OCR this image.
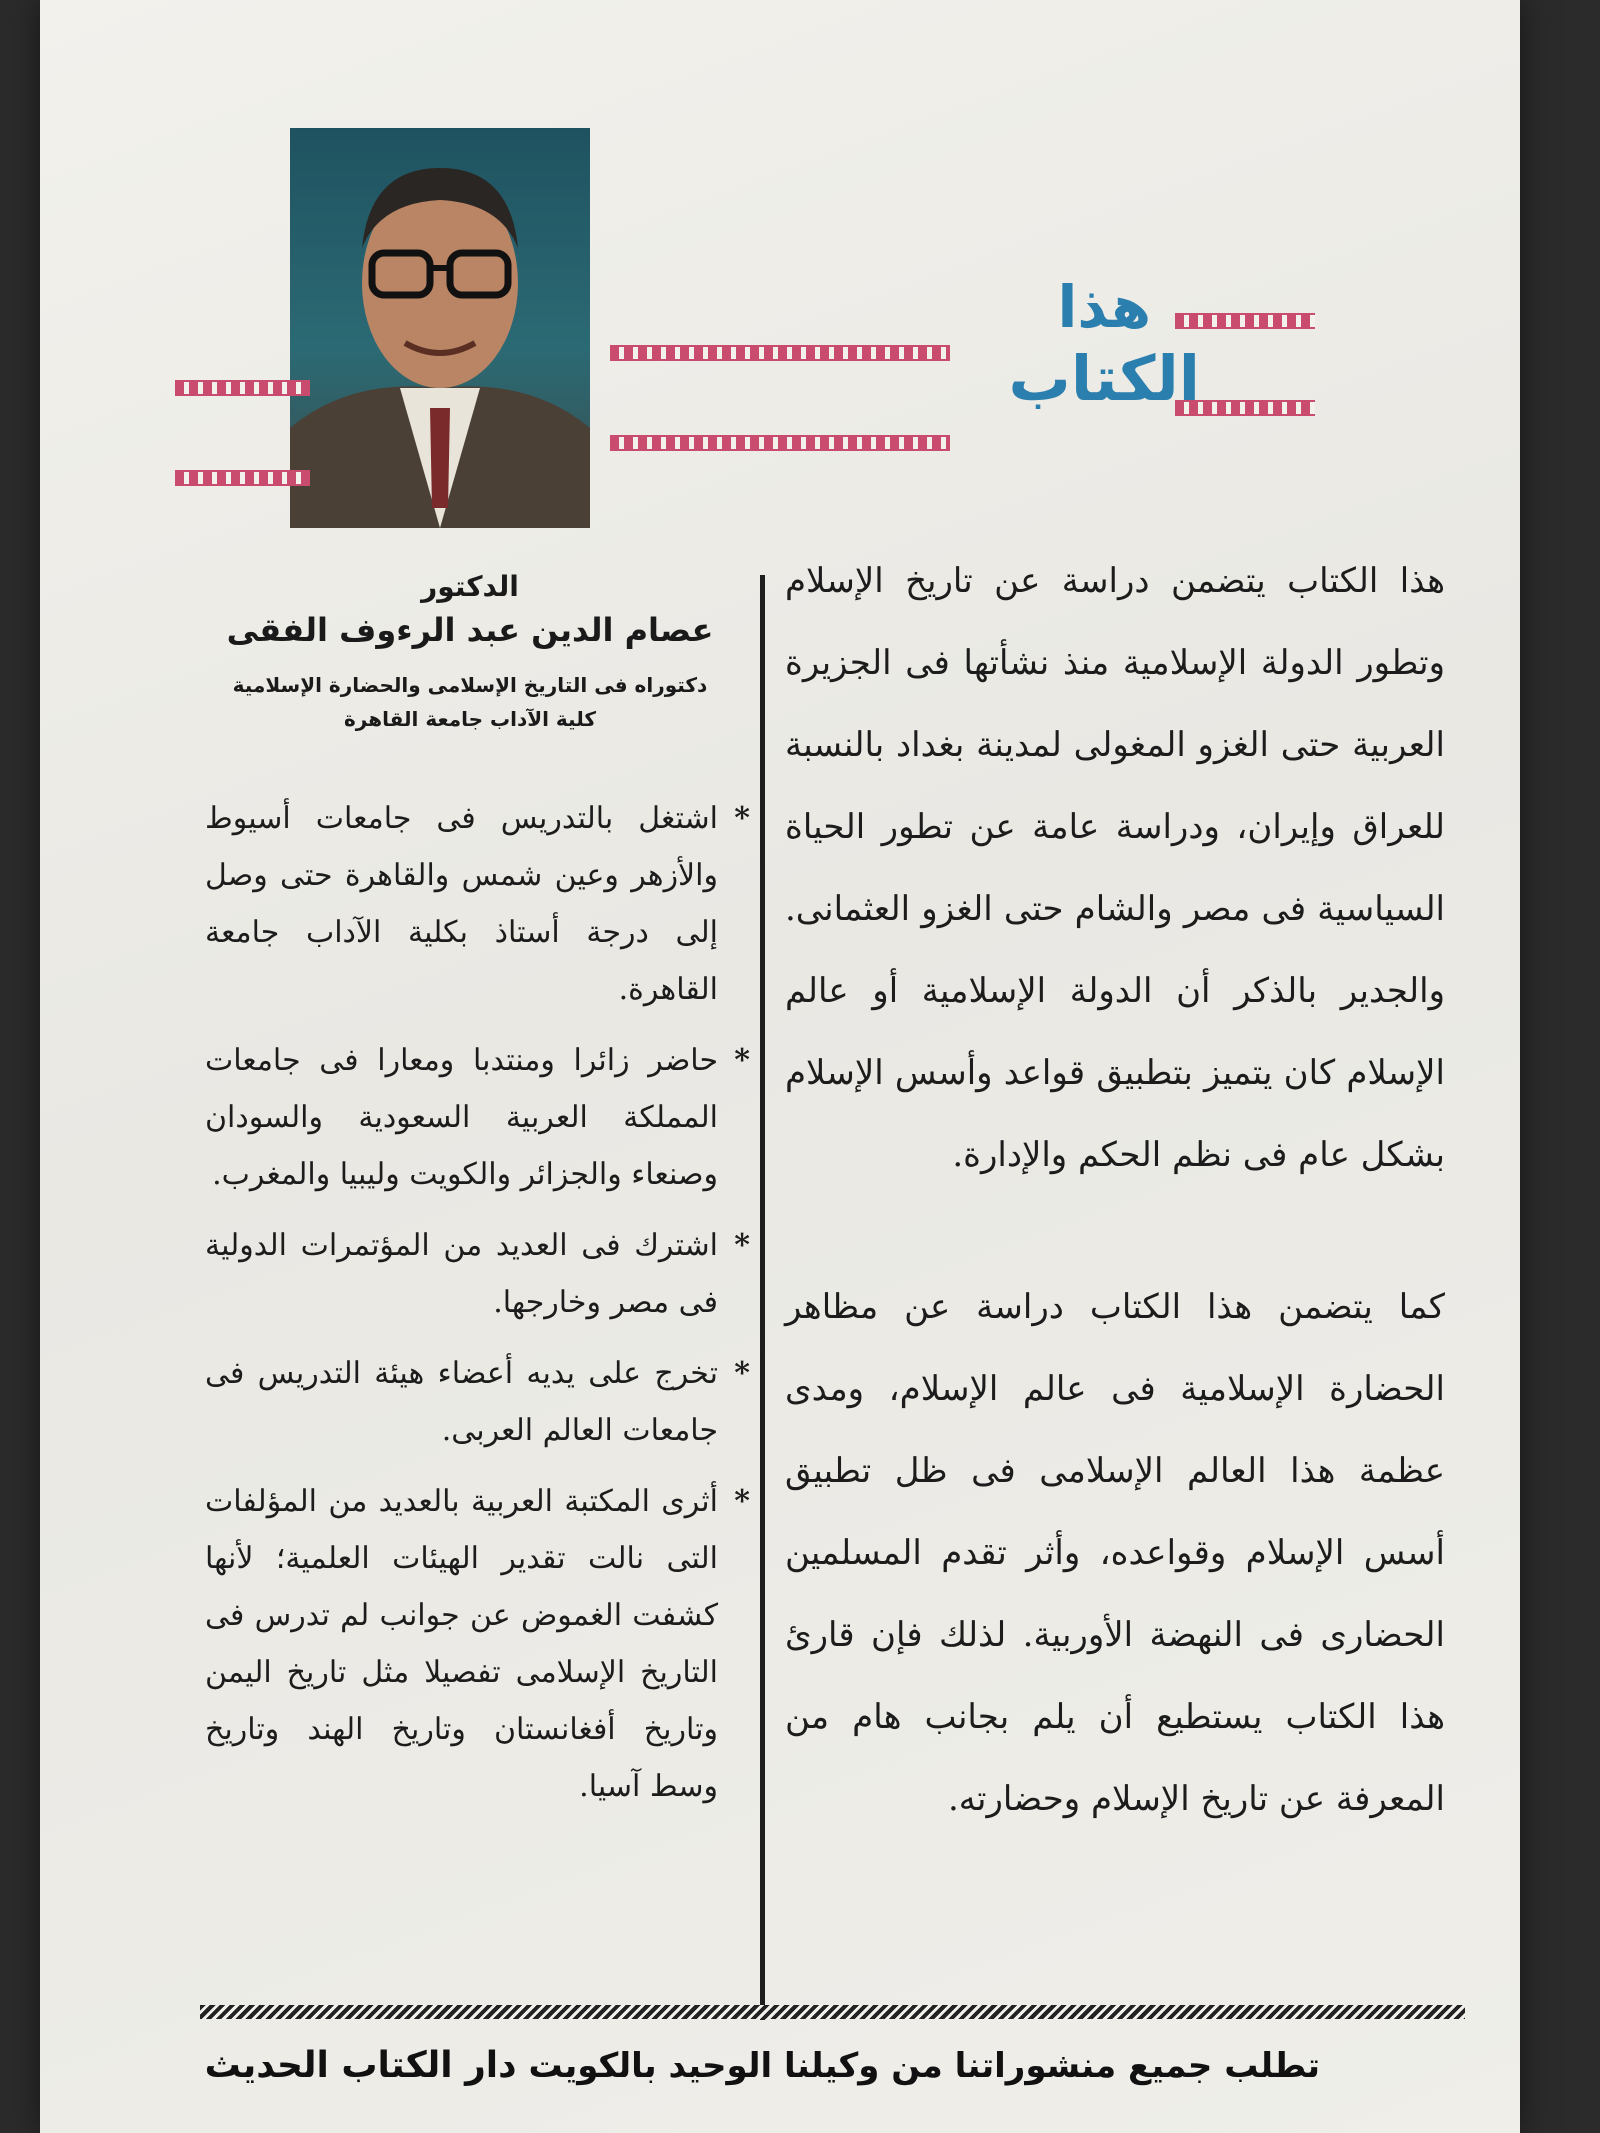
هذا
الكتاب

هذا الكتاب يتضمن دراسة عن تاريخ الإسلام وتطور الدولة الإسلامية منذ نشأتها فى الجزيرة العربية حتى الغزو المغولى لمدينة بغداد بالنسبة للعراق وإيران، ودراسة عامة عن تطور الحياة السياسية فى مصر والشام حتى الغزو العثمانى. والجدير بالذكر أن الدولة الإسلامية أو عالم الإسلام كان يتميز بتطبيق قواعد وأسس الإسلام بشكل عام فى نظم الحكم والإدارة.

كما يتضمن هذا الكتاب دراسة عن مظاهر الحضارة الإسلامية فى عالم الإسلام، ومدى عظمة هذا العالم الإسلامى فى ظل تطبيق أسس الإسلام وقواعده، وأثر تقدم المسلمين الحضارى فى النهضة الأوربية. لذلك فإن قارئ هذا الكتاب يستطيع أن يلم بجانب هام من المعرفة عن تاريخ الإسلام وحضارته.

الدكتور
عصام الدين عبد الرءوف الفقى
دكتوراه فى التاريخ الإسلامى والحضارة الإسلامية
كلية الآداب جامعة القاهرة
*
اشتغل بالتدريس فى جامعات أسيوط والأزهر وعين شمس والقاهرة حتى وصل إلى درجة أستاذ بكلية الآداب جامعة القاهرة.
*
حاضر زائرا ومنتدبا ومعارا فى جامعات المملكة العربية السعودية والسودان وصنعاء والجزائر والكويت وليبيا والمغرب.
*
اشترك فى العديد من المؤتمرات الدولية فى مصر وخارجها.
*
تخرج على يديه أعضاء هيئة التدريس فى جامعات العالم العربى.
*
أثرى المكتبة العربية بالعديد من المؤلفات التى نالت تقدير الهيئات العلمية؛ لأنها كشفت الغموض عن جوانب لم تدرس فى التاريخ الإسلامى تفصيلا مثل تاريخ اليمن وتاريخ أفغانستان وتاريخ الهند وتاريخ وسط آسيا.
تطلب جميع منشوراتنا من وكيلنا الوحيد بالكويت دار الكتاب الحديث
